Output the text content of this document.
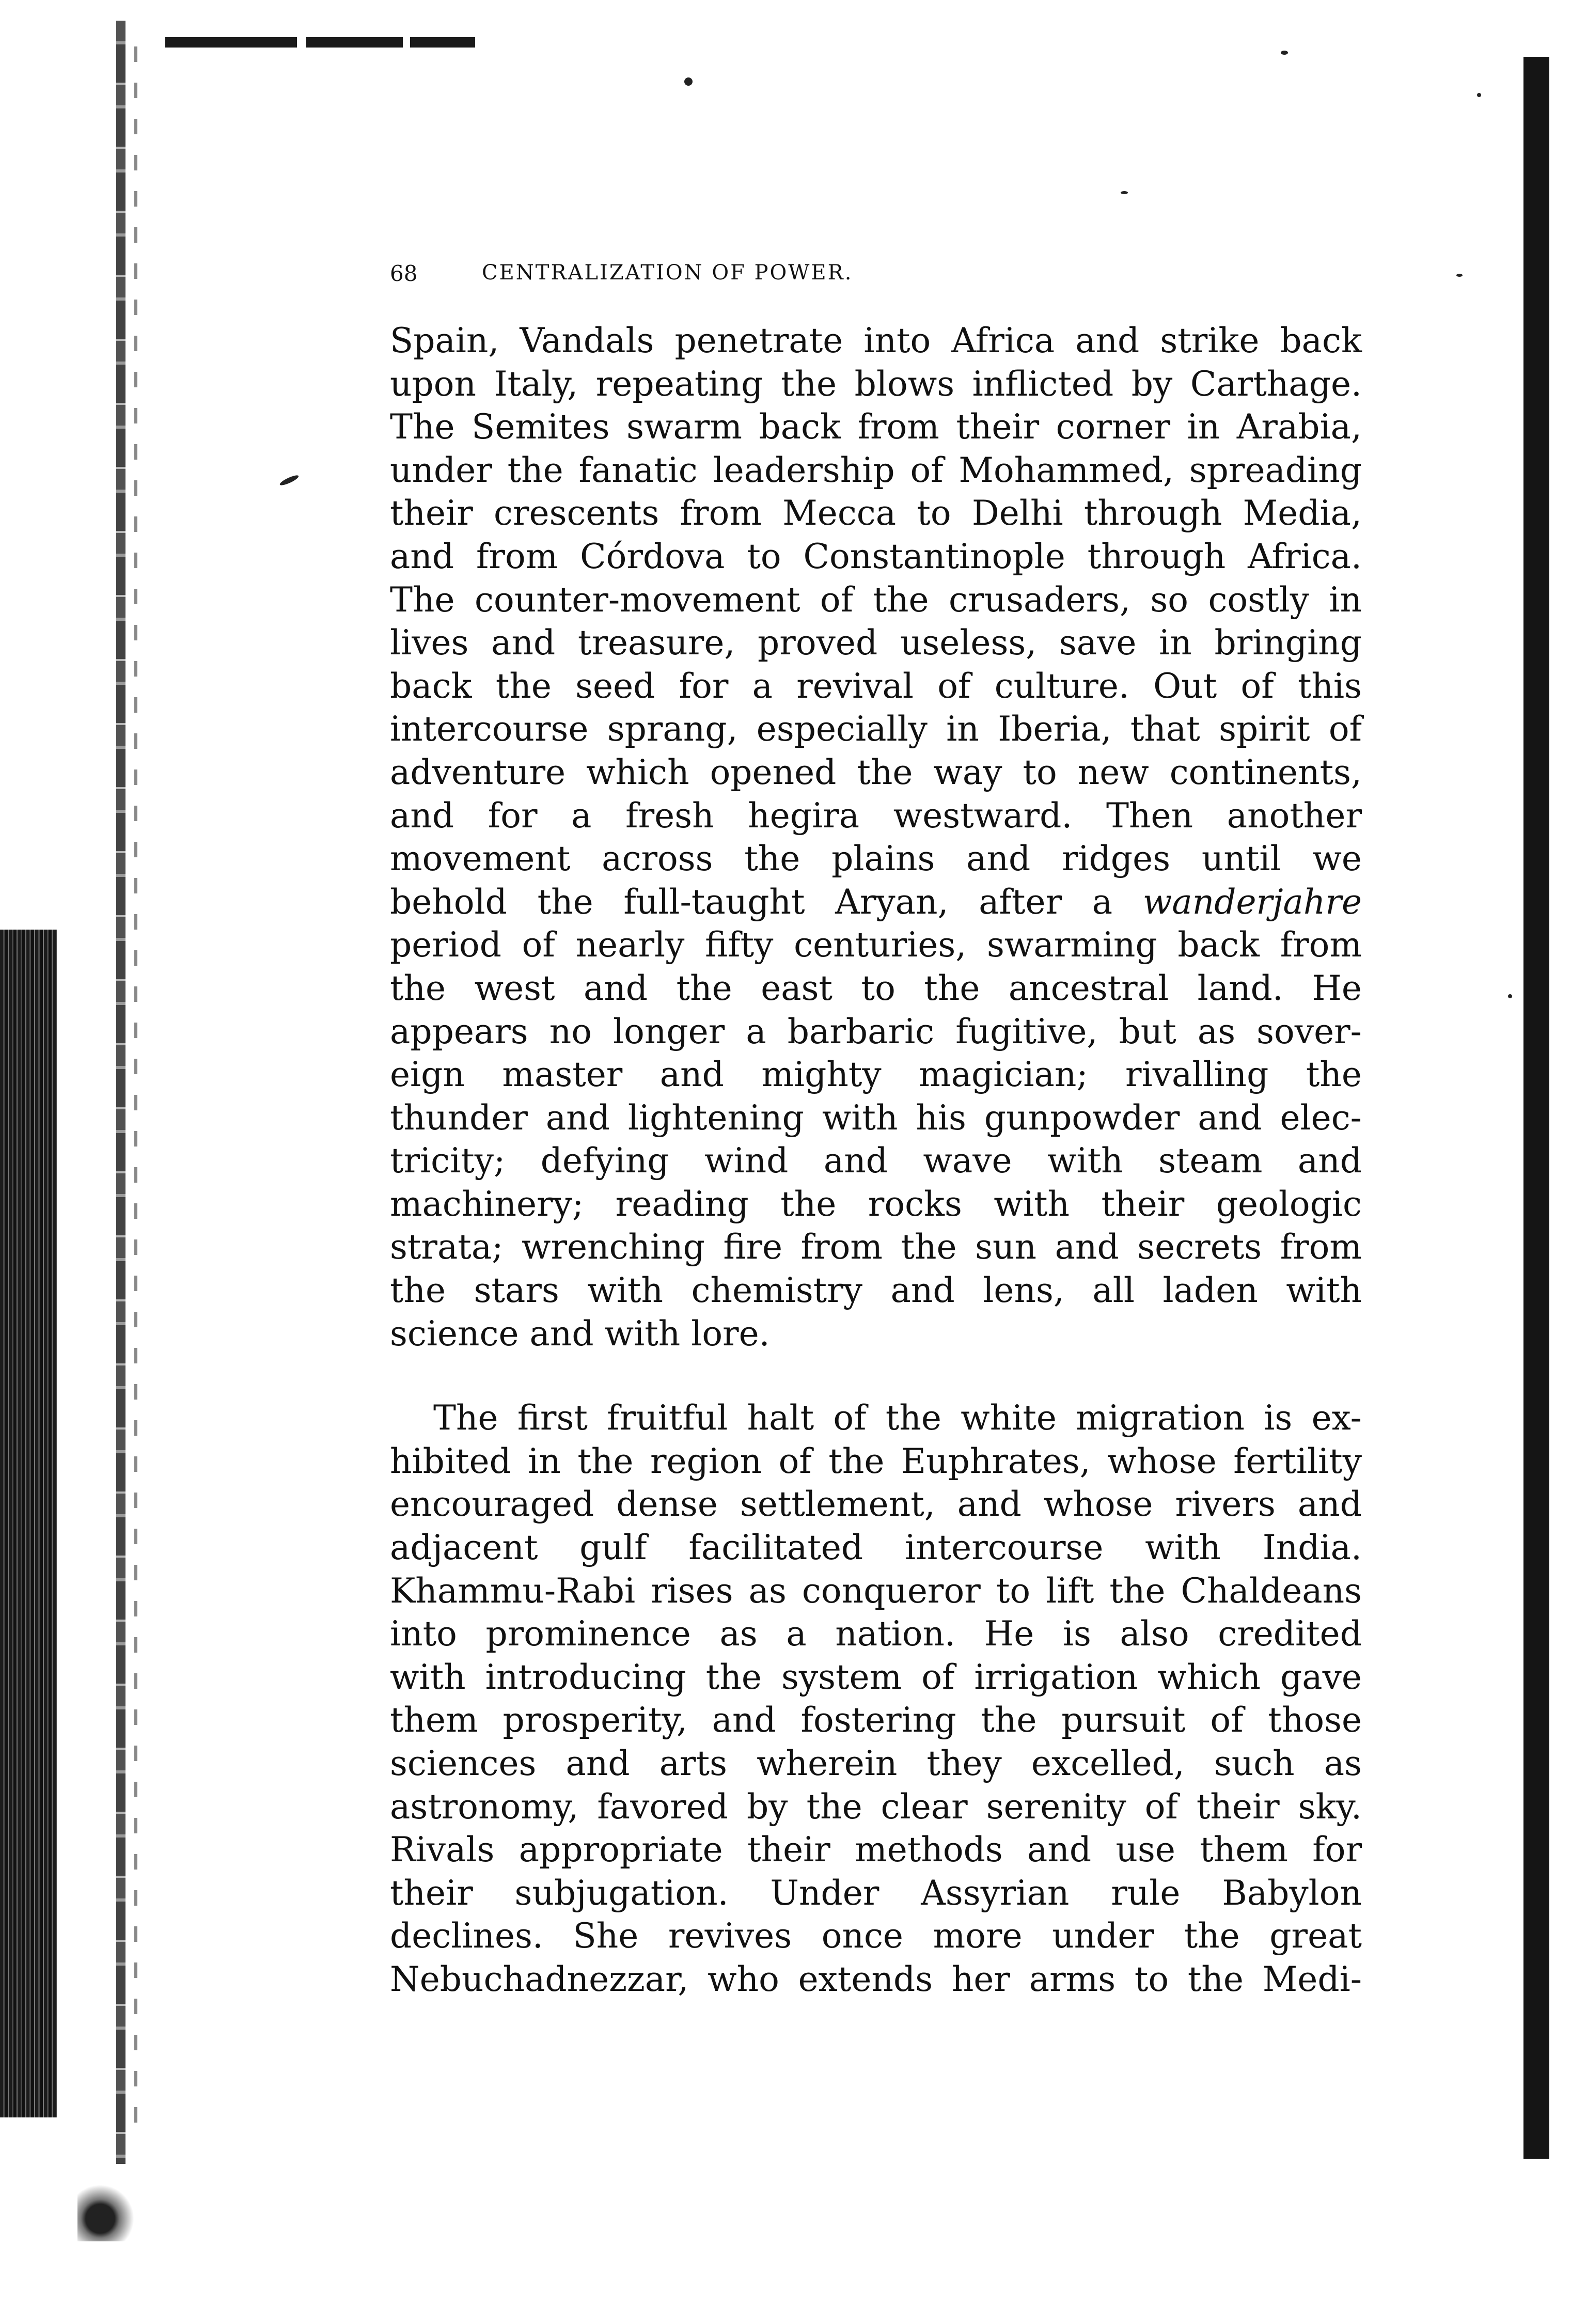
68	CENTRALIZATION OF POWER.
Spain, Vandals penetrate into Africa and strike back
upon Italy, repeating the blows inflicted by Carthage.
The Semites swarm back from their corner in Arabia,
under the fanatic leadership of Mohammed, spreading
their crescents from Mecca to Delhi through Media,
and from Córdova to Constantinople through Africa.
The counter-movement of the crusaders, so costly in
lives and treasure, proved useless, save in bringing
back the seed for a revival of culture. Out of this
intercourse sprang, especially in Iberia, that spirit of
adventure which opened the way to new continents,
and for a fresh hegira westward. Then another
movement across the plains and ridges until we
behold the full-taught Aryan, after a wanderjahre
period of nearly fifty centuries, swarming back from
the west and the east to the ancestral land. He
appears no longer a barbaric fugitive, but as sover-
eign master and mighty magician; rivalling the
thunder and lightening with his gunpowder and elec-
tricity; defying wind and wave with steam and
machinery; reading the rocks with their geologic
strata; wrenching fire from the sun and secrets from
the stars with chemistry and lens, all laden with
science and with lore.
The first fruitful halt of the white migration is ex-
hibited in the region of the Euphrates, whose fertility
encouraged dense settlement, and whose rivers and
adjacent gulf facilitated intercourse with India.
Khammu-Rabi rises as conqueror to lift the Chaldeans
into prominence as a nation. He is also credited
with introducing the system of irrigation which gave
them prosperity, and fostering the pursuit of those
sciences and arts wherein they excelled, such as
astronomy, favored by the clear serenity of their sky.
Rivals appropriate their methods and use them for
their subjugation. Under Assyrian rule Babylon
declines. She revives once more under the great
Nebuchadnezzar, who extends her arms to the Medi-
